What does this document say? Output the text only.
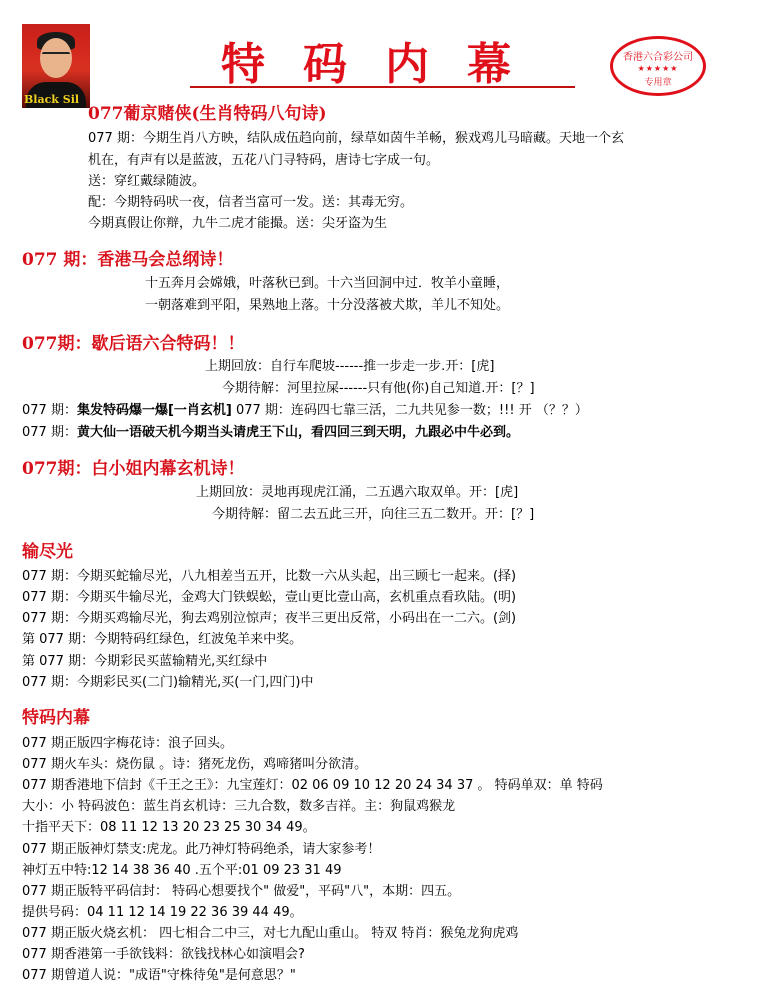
Black Sil
特码内幕	香港六合彩公司
★★★★★
专用章
077葡京赌侠(生肖特码八句诗)
077 期：今期生肖八方映，结队成伍趋向前，绿草如茵牛羊畅，猴戏鸡儿马暗藏。天地一个玄
机在，有声有以是蓝波，五花八门寻特码，唐诗七字成一句。
送：穿红戴绿随波。
配：今期特码吠一夜，信者当富可一发。送：其毒无穷。
今期真假让你辩，九牛二虎才能撮。送：尖牙盗为生
077 期：香港马会总纲诗！
十五奔月会嫦娥，叶落秋已到。十六当回洞中过．牧羊小童睡，
一朝落难到平阳，果熟地上落。十分没落被犬欺，羊儿不知处。
077期：歇后语六合特码！！
上期回放：自行车爬坡------推一步走一步.开：[虎]
今期待解：河里拉屎------只有他(你)自己知道.开：[？]
077 期：集发特码爆一爆[一肖玄机] 077 期：连码四七靠三活，二九共见参一数；!!! 开 （？？）
077 期：黄大仙一语破天机今期当头请虎王下山，看四回三到天明，九跟必中牛必到。
077期：白小姐内幕玄机诗！
上期回放：灵地再现虎江涌，二五遇六取双单。开：[虎]
今期待解：留二去五此三开，向往三五二数开。开：[？]
输尽光
077 期：今期买蛇输尽光，八九相差当五开，比数一六从头起，出三顾七一起来。(择)
077 期：今期买牛输尽光，金鸡大门铁蜈蚣，壹山更比壹山高，玄机重点看玖陆。(明)
077 期：今期买鸡输尽光，狗去鸡别泣惊声；夜半三更出反常，小码出在一二六。(剑)
第 077 期：今期特码红绿色，红波兔羊来中奖。
第 077 期：今期彩民买蓝输精光,买红绿中
077 期：今期彩民买(二门)输精光,买(一门,四门)中
特码内幕
077 期正版四字梅花诗：浪子回头。
077 期火车头：烧伤鼠 。诗：猪死龙伤，鸡啼猪叫分欲清。
077 期香港地下信封《千王之王》：九宝莲灯：02 06 09 10 12 20 24 34 37 。 特码单双：单 特码
大小：小 特码波色：蓝生肖玄机诗：三九合数，数多吉祥。主：狗鼠鸡猴龙
十指平天下：08 11 12 13 20 23 25 30 34 49。
077 期正版神灯禁支:虎龙。此乃神灯特码绝杀，请大家参考！
神灯五中特:12 14 38 36 40 .五个平:01 09 23 31 49
077 期正版特平码信封： 特码心想要找个" 做爱"，平码"八"，本期：四五。
提供号码：04 11 12 14 19 22 36 39 44 49。
077 期正版火烧玄机： 四七相合二中三，对七九配山重山。 特双 特肖：猴兔龙狗虎鸡
077 期香港第一手欲钱料：欲钱找林心如演唱会?
077 期曾道人说："成语"守株待兔"是何意思？"
